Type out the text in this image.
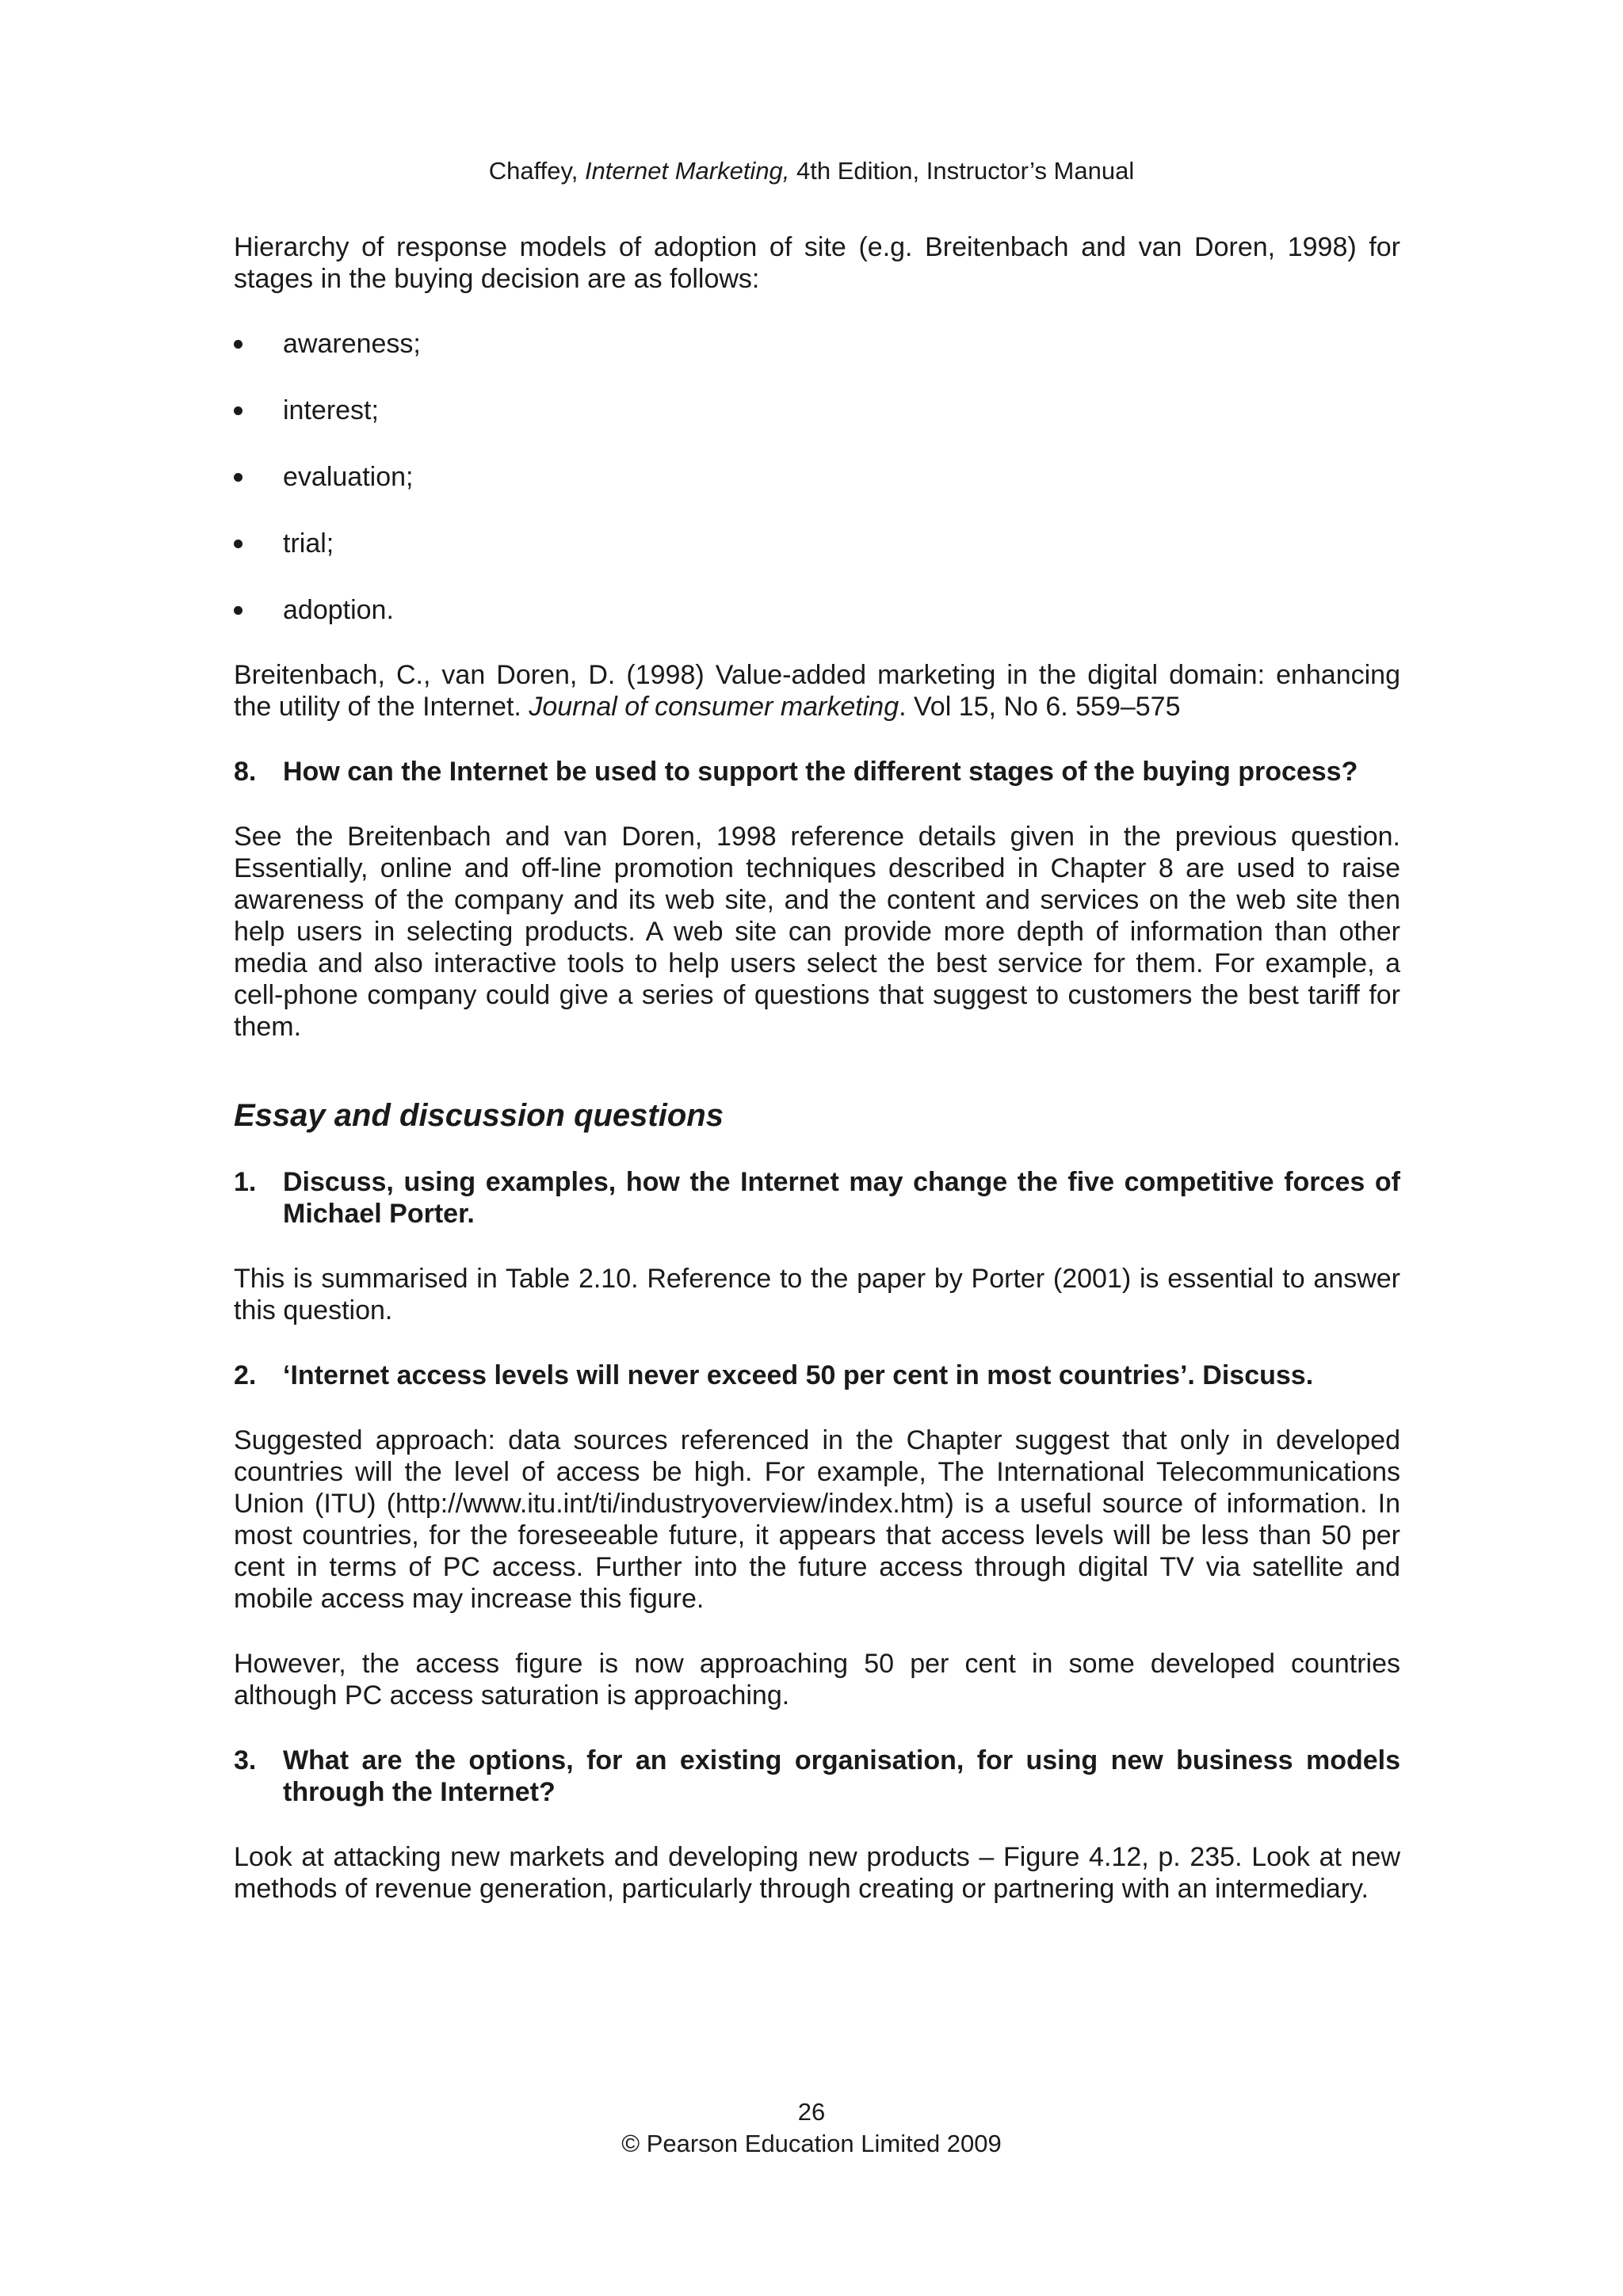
Chaffey, Internet Marketing, 4th Edition, Instructor’s Manual

Hierarchy of response models of adoption of site (e.g. Breitenbach and van Doren, 1998) for stages in the buying decision are as follows:

awareness;
interest;
evaluation;
trial;
adoption.

Breitenbach, C., van Doren, D. (1998) Value-added marketing in the digital domain: enhancing the utility of the Internet. Journal of consumer marketing. Vol 15, No 6. 559–575

8. How can the Internet be used to support the different stages of the buying process?

See the Breitenbach and van Doren, 1998 reference details given in the previous question. Essentially, online and off-line promotion techniques described in Chapter 8 are used to raise awareness of the company and its web site, and the content and services on the web site then help users in selecting products. A web site can provide more depth of information than other media and also interactive tools to help users select the best service for them. For example, a cell-phone company could give a series of questions that suggest to customers the best tariff for them.

Essay and discussion questions
1. Discuss, using examples, how the Internet may change the five competitive forces of Michael Porter.

This is summarised in Table 2.10. Reference to the paper by Porter (2001) is essential to answer this question.

2. ‘Internet access levels will never exceed 50 per cent in most countries’. Discuss.

Suggested approach: data sources referenced in the Chapter suggest that only in developed countries will the level of access be high. For example, The International Telecommunications Union (ITU) (http://www.itu.int/ti/industryoverview/index.htm) is a useful source of information. In most countries, for the foreseeable future, it appears that access levels will be less than 50 per cent in terms of PC access. Further into the future access through digital TV via satellite and mobile access may increase this figure.

However, the access figure is now approaching 50 per cent in some developed countries although PC access saturation is approaching.

3. What are the options, for an existing organisation, for using new business models through the Internet?

Look at attacking new markets and developing new products – Figure 4.12, p. 235. Look at new methods of revenue generation, particularly through creating or partnering with an intermediary.

26
© Pearson Education Limited 2009
